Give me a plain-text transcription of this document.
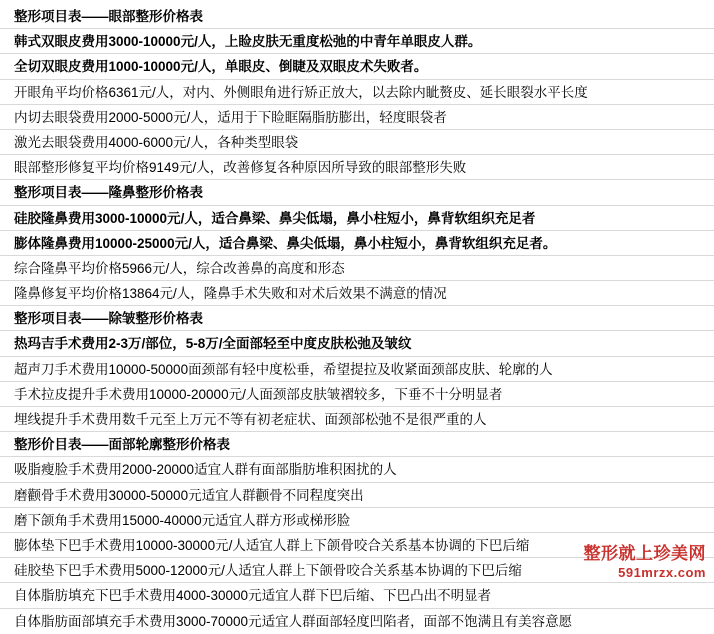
整形项目表——眼部整形价格表
韩式双眼皮费用3000-10000元/人，上睑皮肤无重度松弛的中青年单眼皮人群。
全切双眼皮费用1000-10000元/人，单眼皮、倒睫及双眼皮术失败者。
开眼角平均价格6361元/人，对内、外侧眼角进行矫正放大，以去除内眦赘皮、延长眼裂水平长度
内切去眼袋费用2000-5000元/人，适用于下睑眶隔脂肪膨出，轻度眼袋者
激光去眼袋费用4000-6000元/人，各种类型眼袋
眼部整形修复平均价格9149元/人，改善修复各种原因所导致的眼部整形失败
整形项目表——隆鼻整形价格表
硅胶隆鼻费用3000-10000元/人，适合鼻梁、鼻尖低塌，鼻小柱短小，鼻背软组织充足者
膨体隆鼻费用10000-25000元/人，适合鼻梁、鼻尖低塌，鼻小柱短小，鼻背软组织充足者。
综合隆鼻平均价格5966元/人，综合改善鼻的高度和形态
隆鼻修复平均价格13864元/人，隆鼻手术失败和对术后效果不满意的情况
整形项目表——除皱整形价格表
热玛吉手术费用2-3万/部位，5-8万/全面部轻至中度皮肤松弛及皱纹
超声刀手术费用10000-50000面颈部有轻中度松垂，希望提拉及收紧面颈部皮肤、轮廓的人
手术拉皮提升手术费用10000-20000元/人面颈部皮肤皱褶较多，下垂不十分明显者
埋线提升手术费用数千元至上万元不等有初老症状、面颈部松弛不是很严重的人
整形价目表——面部轮廓整形价格表
吸脂瘦脸手术费用2000-20000适宜人群有面部脂肪堆积困扰的人
磨颧骨手术费用30000-50000元适宜人群颧骨不同程度突出
磨下颌角手术费用15000-40000元适宜人群方形或梯形脸
膨体垫下巴手术费用10000-30000元/人适宜人群上下颌骨咬合关系基本协调的下巴后缩
硅胶垫下巴手术费用5000-12000元/人适宜人群上下颌骨咬合关系基本协调的下巴后缩
自体脂肪填充下巴手术费用4000-30000元适宜人群下巴后缩、下巴凸出不明显者
自体脂肪面部填充手术费用3000-70000元适宜人群面部轻度凹陷者，面部不饱满且有美容意愿
整形就上珍美网
591mrzx.com
